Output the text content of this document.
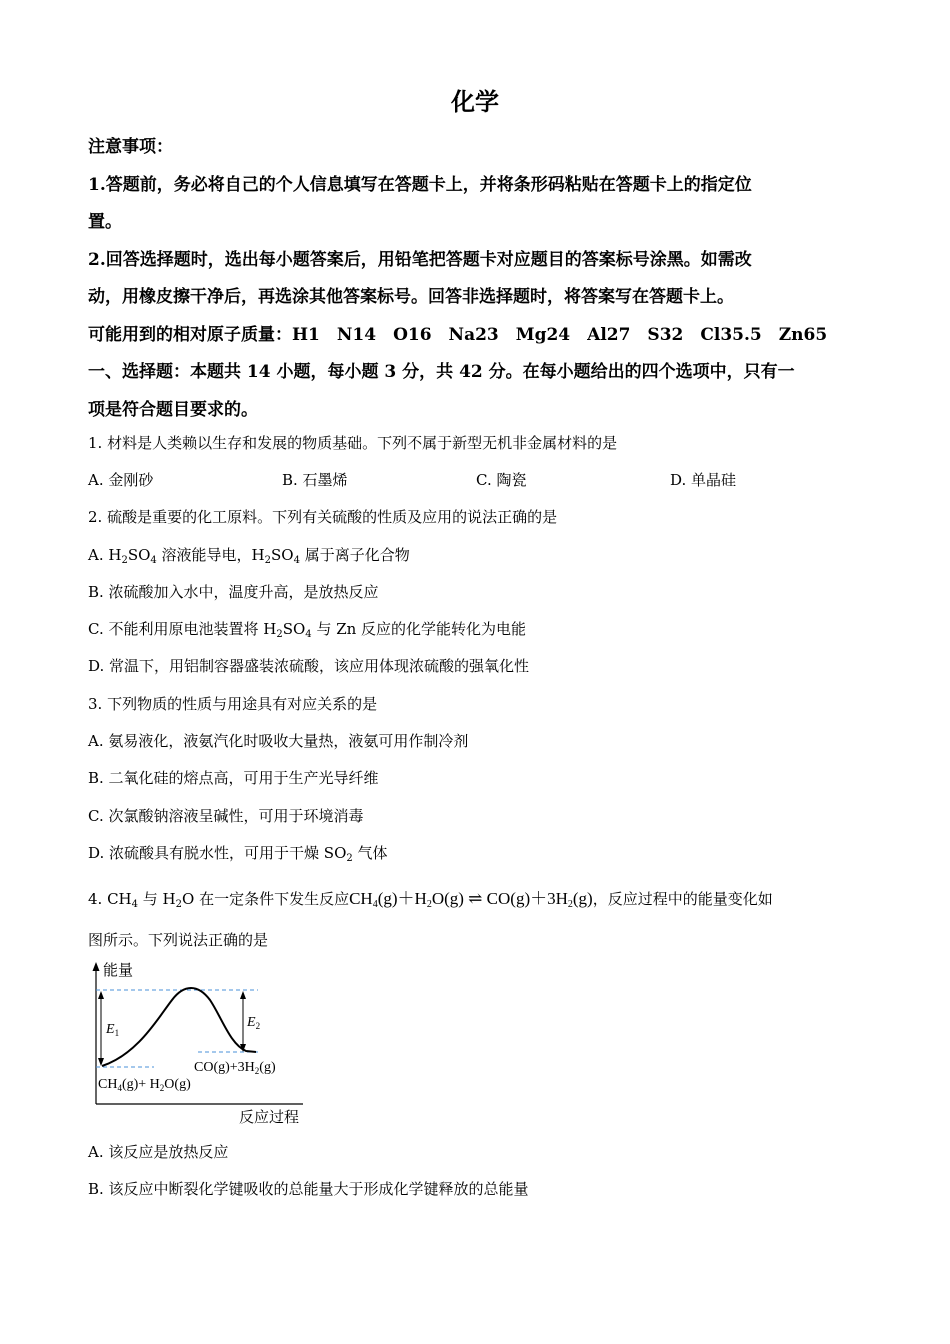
化学
注意事项：
1.答题前，务必将自己的个人信息填写在答题卡上，并将条形码粘贴在答题卡上的指定位
置。
2.回答选择题时，选出每小题答案后，用铅笔把答题卡对应题目的答案标号涂黑。如需改
动，用橡皮擦干净后，再选涂其他答案标号。回答非选择题时，将答案写在答题卡上。
可能用到的相对原子质量：H1　N14　O16　Na23　Mg24　Al27　S32　Cl35.5　Zn65
一、选择题：本题共 14 小题，每小题 3 分，共 42 分。在每小题给出的四个选项中，只有一
项是符合题目要求的。
1. 材料是人类赖以生存和发展的物质基础。下列不属于新型无机非金属材料的是
A. 金刚砂	B. 石墨烯	C. 陶瓷	D. 单晶硅
2. 硫酸是重要的化工原料。下列有关硫酸的性质及应用的说法正确的是
A. $H_2SO_4$ 溶液能导电，$H_2SO_4$ 属于离子化合物
B. 浓硫酸加入水中，温度升高，是放热反应
C. 不能利用原电池装置将 $H_2SO_4$ 与 Zn 反应的化学能转化为电能
D. 常温下，用铝制容器盛装浓硫酸，该应用体现浓硫酸的强氧化性
3. 下列物质的性质与用途具有对应关系的是
A. 氨易液化，液氨汽化时吸收大量热，液氨可用作制冷剂
B. 二氧化硅的熔点高，可用于生产光导纤维
C. 次氯酸钠溶液呈碱性，可用于环境消毒
D. 浓硫酸具有脱水性，可用于干燥 $SO_2$ 气体
4. $CH_4$ 与 $H_2O$ 在一定条件下发生反应$CH_4(g)+H_2O(g)$ ⇌ $CO(g)+3H_2(g)$，反应过程中的能量变化如
图所示。下列说法正确的是
能量
反应过程
$E_1$
$E_2$
$CO(g)+3H_2(g)$
$CH_4(g)+ H_2O(g)$
A. 该反应是放热反应
B. 该反应中断裂化学键吸收的总能量大于形成化学键释放的总能量
